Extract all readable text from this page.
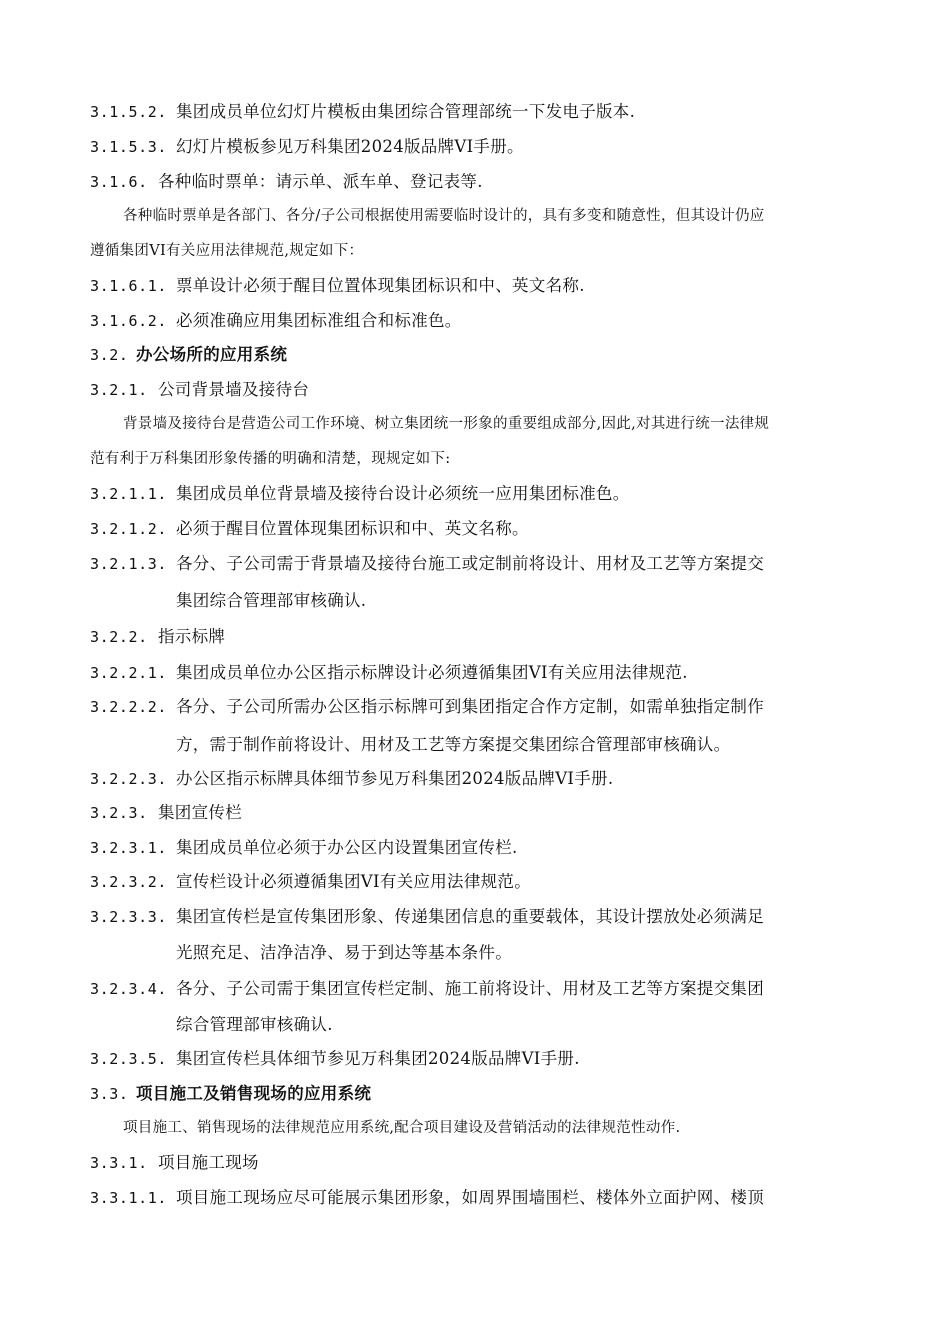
3.1.5.2. 集团成员单位幻灯片模板由集团综合管理部统一下发电子版本.
3.1.5.3. 幻灯片模板参见万科集团2024版品牌VI手册。
3.1.6. 各种临时票单：请示单、派车单、登记表等.
各种临时票单是各部门、各分/子公司根据使用需要临时设计的，具有多变和随意性，但其设计仍应
遵循集团VI有关应用法律规范,规定如下：
3.1.6.1. 票单设计必须于醒目位置体现集团标识和中、英文名称.
3.1.6.2. 必须准确应用集团标准组合和标准色。
3.2. 办公场所的应用系统
3.2.1. 公司背景墙及接待台
背景墙及接待台是营造公司工作环境、树立集团统一形象的重要组成部分,因此,对其进行统一法律规
范有利于万科集团形象传播的明确和清楚，现规定如下:
3.2.1.1. 集团成员单位背景墙及接待台设计必须统一应用集团标准色。
3.2.1.2. 必须于醒目位置体现集团标识和中、英文名称。
3.2.1.3. 各分、子公司需于背景墙及接待台施工或定制前将设计、用材及工艺等方案提交
集团综合管理部审核确认.
3.2.2. 指示标牌
3.2.2.1. 集团成员单位办公区指示标牌设计必须遵循集团VI有关应用法律规范.
3.2.2.2. 各分、子公司所需办公区指示标牌可到集团指定合作方定制，如需单独指定制作
方，需于制作前将设计、用材及工艺等方案提交集团综合管理部审核确认。
3.2.2.3. 办公区指示标牌具体细节参见万科集团2024版品牌VI手册.
3.2.3. 集团宣传栏
3.2.3.1. 集团成员单位必须于办公区内设置集团宣传栏.
3.2.3.2. 宣传栏设计必须遵循集团VI有关应用法律规范。
3.2.3.3. 集团宣传栏是宣传集团形象、传递集团信息的重要载体，其设计摆放处必须满足
光照充足、洁净洁净、易于到达等基本条件。
3.2.3.4. 各分、子公司需于集团宣传栏定制、施工前将设计、用材及工艺等方案提交集团
综合管理部审核确认.
3.2.3.5. 集团宣传栏具体细节参见万科集团2024版品牌VI手册.
3.3. 项目施工及销售现场的应用系统
项目施工、销售现场的法律规范应用系统,配合项目建设及营销活动的法律规范性动作.
3.3.1. 项目施工现场
3.3.1.1. 项目施工现场应尽可能展示集团形象，如周界围墙围栏、楼体外立面护网、楼顶
